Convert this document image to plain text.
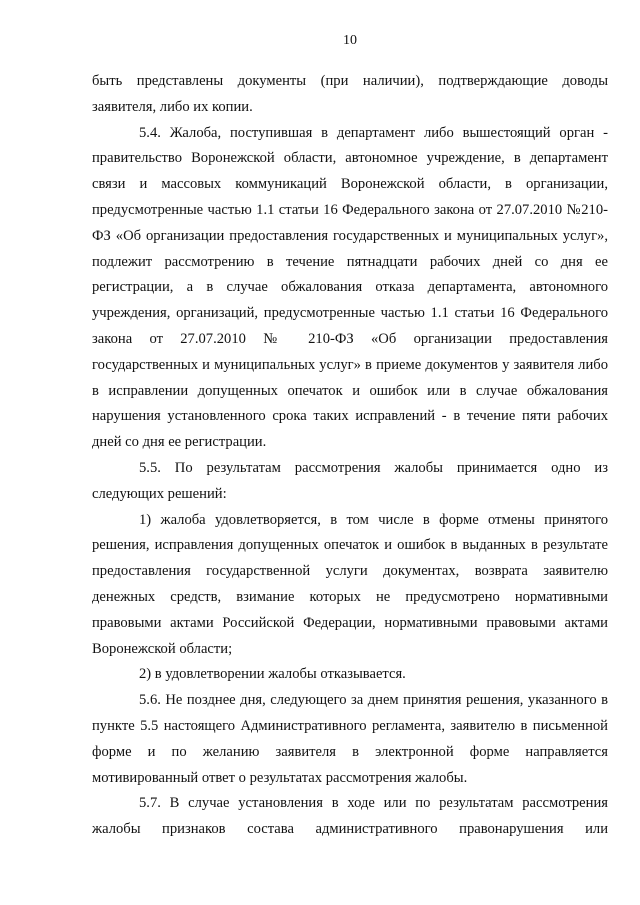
10

быть представлены документы (при наличии), подтверждающие доводы заявителя, либо их копии.

5.4. Жалоба, поступившая в департамент либо вышестоящий орган - правительство Воронежской области, автономное учреждение, в департамент связи и массовых коммуникаций Воронежской области, в организации, предусмотренные частью 1.1 статьи 16 Федерального закона от 27.07.2010 №210-ФЗ «Об организации предоставления государственных и муниципальных услуг», подлежит рассмотрению в течение пятнадцати рабочих дней со дня ее регистрации, а в случае обжалования отказа департамента, автономного учреждения, организаций, предусмотренные частью 1.1 статьи 16 Федерального закона от 27.07.2010 № 210-ФЗ «Об организации предоставления государственных и муниципальных услуг» в приеме документов у заявителя либо в исправлении допущенных опечаток и ошибок или в случае обжалования нарушения установленного срока таких исправлений - в течение пяти рабочих дней со дня ее регистрации.

5.5. По результатам рассмотрения жалобы принимается одно из следующих решений:

1) жалоба удовлетворяется, в том числе в форме отмены принятого решения, исправления допущенных опечаток и ошибок в выданных в результате предоставления государственной услуги документах, возврата заявителю денежных средств, взимание которых не предусмотрено нормативными правовыми актами Российской Федерации, нормативными правовыми актами Воронежской области;

2) в удовлетворении жалобы отказывается.

5.6. Не позднее дня, следующего за днем принятия решения, указанного в пункте 5.5 настоящего Административного регламента, заявителю в письменной форме и по желанию заявителя в электронной форме направляется мотивированный ответ о результатах рассмотрения жалобы.

5.7. В случае установления в ходе или по результатам рассмотрения жалобы признаков состава административного правонарушения или
